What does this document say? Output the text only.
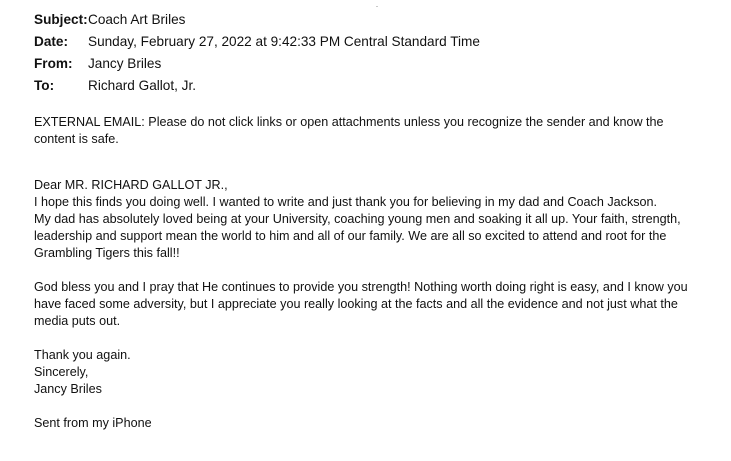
Subject: Coach Art Briles
Date:	Sunday, February 27, 2022 at 9:42:33 PM Central Standard Time
From:	Jancy Briles
To:	Richard Gallot, Jr.
EXTERNAL EMAIL: Please do not click links or open attachments unless you recognize the sender and know the
content is safe.
Dear MR. RICHARD GALLOT JR.,
I hope this finds you doing well. I wanted to write and just thank you for believing in my dad and Coach Jackson.
My dad has absolutely loved being at your University, coaching young men and soaking it all up. Your faith, strength,
leadership and support mean the world to him and all of our family. We are all so excited to attend and root for the
Grambling Tigers this fall!!
God bless you and I pray that He continues to provide you strength! Nothing worth doing right is easy, and I know you
have faced some adversity, but I appreciate you really looking at the facts and all the evidence and not just what the
media puts out.
Thank you again.
Sincerely,
Jancy Briles
Sent from my iPhone
